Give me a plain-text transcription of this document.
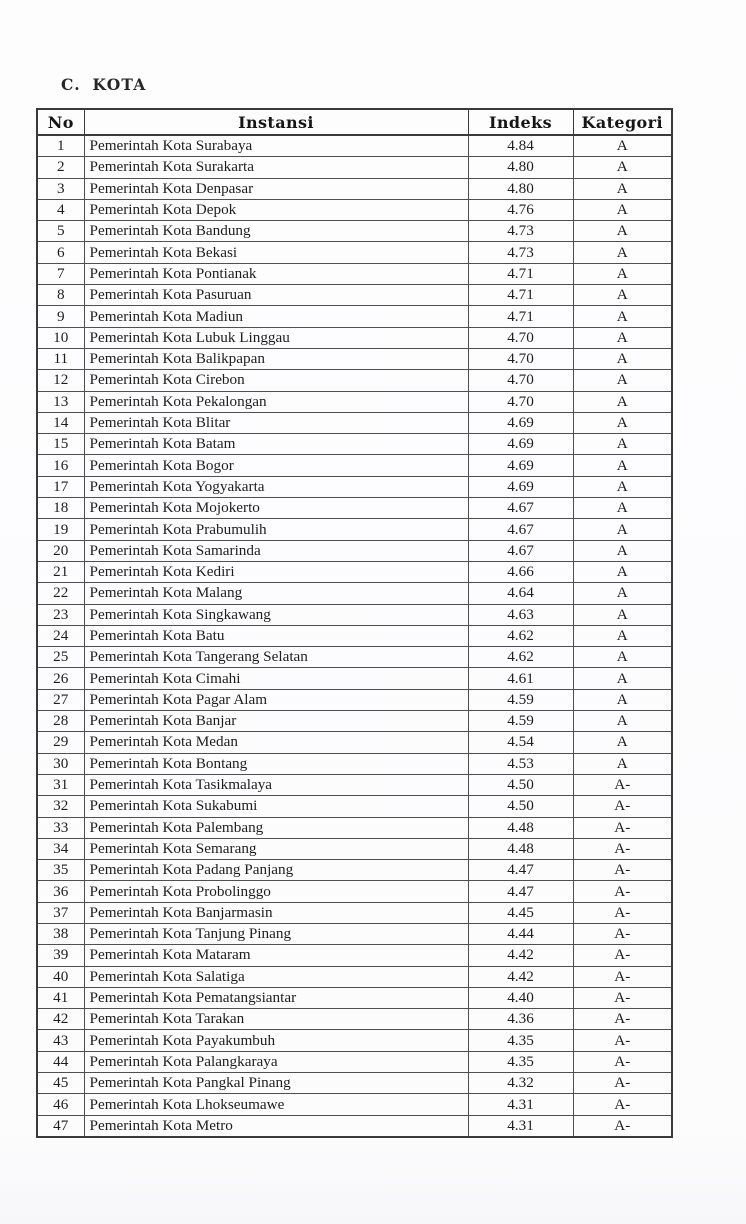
C. KOTA
No	Instansi	Indeks	Kategori
1	Pemerintah Kota Surabaya	4.84	A
2	Pemerintah Kota Surakarta	4.80	A
3	Pemerintah Kota Denpasar	4.80	A
4	Pemerintah Kota Depok	4.76	A
5	Pemerintah Kota Bandung	4.73	A
6	Pemerintah Kota Bekasi	4.73	A
7	Pemerintah Kota Pontianak	4.71	A
8	Pemerintah Kota Pasuruan	4.71	A
9	Pemerintah Kota Madiun	4.71	A
10	Pemerintah Kota Lubuk Linggau	4.70	A
11	Pemerintah Kota Balikpapan	4.70	A
12	Pemerintah Kota Cirebon	4.70	A
13	Pemerintah Kota Pekalongan	4.70	A
14	Pemerintah Kota Blitar	4.69	A
15	Pemerintah Kota Batam	4.69	A
16	Pemerintah Kota Bogor	4.69	A
17	Pemerintah Kota Yogyakarta	4.69	A
18	Pemerintah Kota Mojokerto	4.67	A
19	Pemerintah Kota Prabumulih	4.67	A
20	Pemerintah Kota Samarinda	4.67	A
21	Pemerintah Kota Kediri	4.66	A
22	Pemerintah Kota Malang	4.64	A
23	Pemerintah Kota Singkawang	4.63	A
24	Pemerintah Kota Batu	4.62	A
25	Pemerintah Kota Tangerang Selatan	4.62	A
26	Pemerintah Kota Cimahi	4.61	A
27	Pemerintah Kota Pagar Alam	4.59	A
28	Pemerintah Kota Banjar	4.59	A
29	Pemerintah Kota Medan	4.54	A
30	Pemerintah Kota Bontang	4.53	A
31	Pemerintah Kota Tasikmalaya	4.50	A-
32	Pemerintah Kota Sukabumi	4.50	A-
33	Pemerintah Kota Palembang	4.48	A-
34	Pemerintah Kota Semarang	4.48	A-
35	Pemerintah Kota Padang Panjang	4.47	A-
36	Pemerintah Kota Probolinggo	4.47	A-
37	Pemerintah Kota Banjarmasin	4.45	A-
38	Pemerintah Kota Tanjung Pinang	4.44	A-
39	Pemerintah Kota Mataram	4.42	A-
40	Pemerintah Kota Salatiga	4.42	A-
41	Pemerintah Kota Pematangsiantar	4.40	A-
42	Pemerintah Kota Tarakan	4.36	A-
43	Pemerintah Kota Payakumbuh	4.35	A-
44	Pemerintah Kota Palangkaraya	4.35	A-
45	Pemerintah Kota Pangkal Pinang	4.32	A-
46	Pemerintah Kota Lhokseumawe	4.31	A-
47	Pemerintah Kota Metro	4.31	A-
